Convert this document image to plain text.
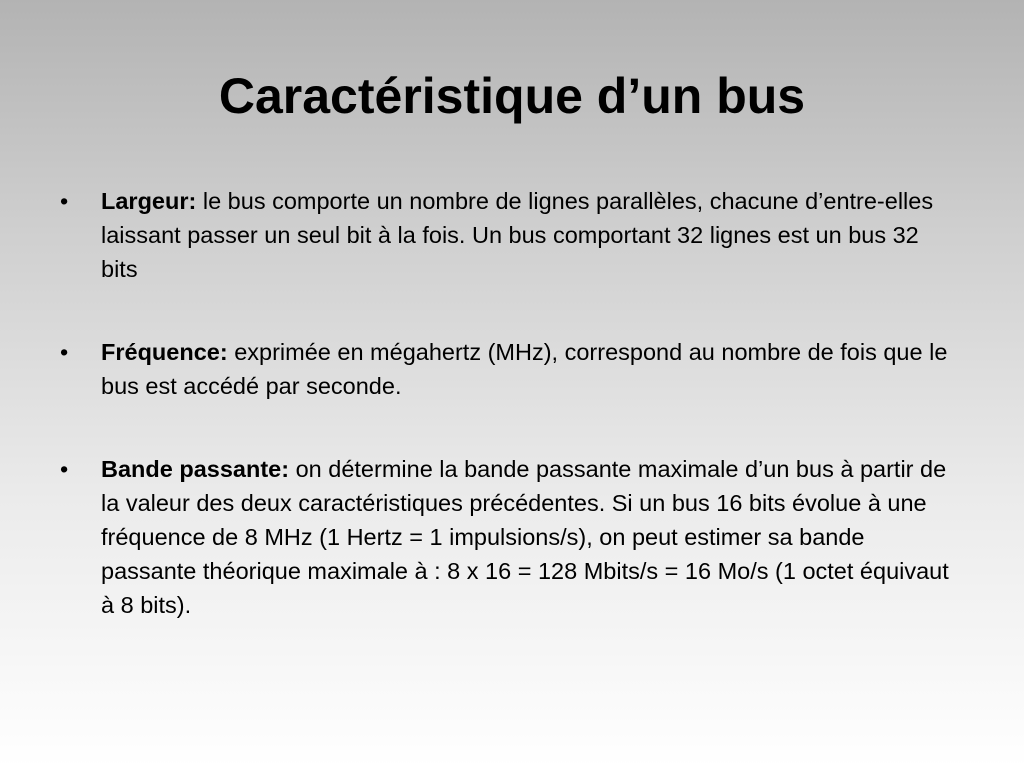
Caractéristique d’un bus
• Largeur: le bus comporte un nombre de lignes parallèles, chacune d’entre-elles laissant passer un seul bit à la fois. Un bus comportant 32 lignes est un bus 32 bits
• Fréquence: exprimée en mégahertz (MHz), correspond au nombre de fois que le bus est accédé par seconde.
• Bande passante: on détermine la bande passante maximale d’un bus à partir de la valeur des deux caractéristiques précédentes. Si un bus 16 bits évolue à une fréquence de 8 MHz (1 Hertz = 1 impulsions/s), on peut estimer sa bande passante théorique maximale à : 8 x 16 = 128 Mbits/s = 16 Mo/s (1 octet équivaut à 8 bits).
